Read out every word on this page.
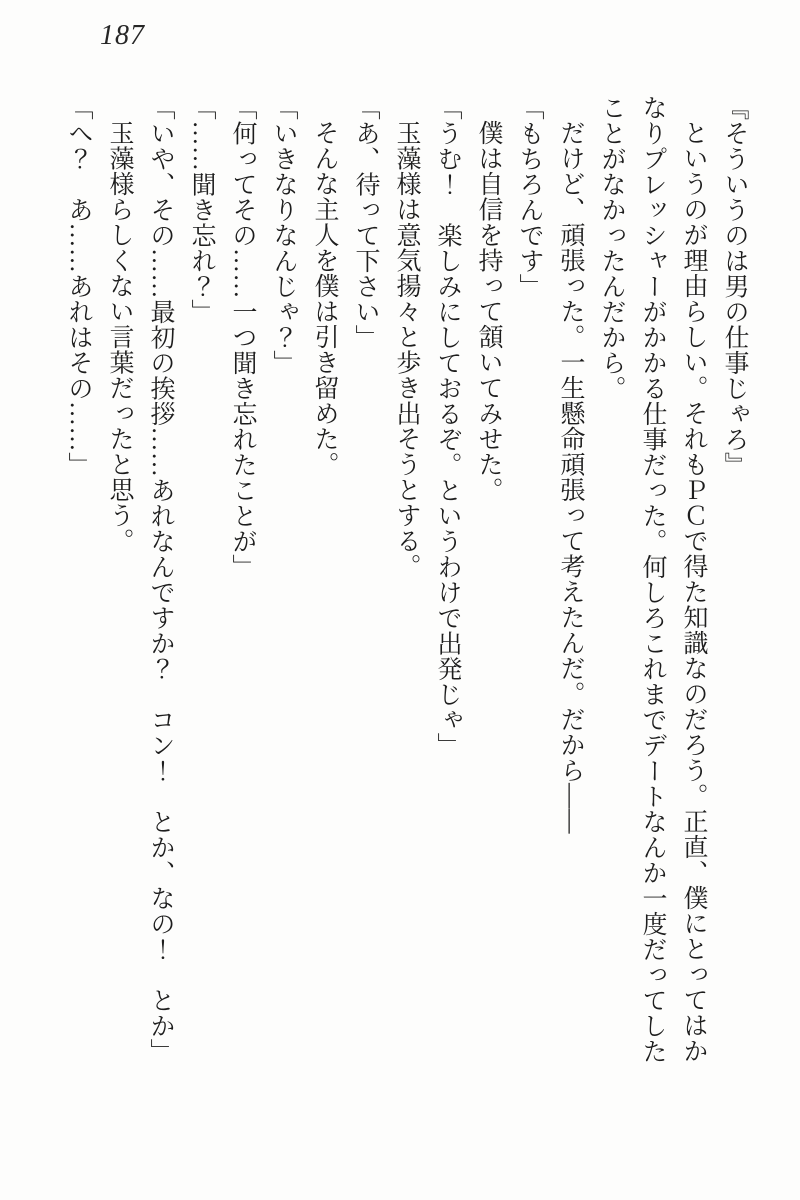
187

『そういうのは男の仕事じゃろ』

というのが理由らしい。それもＰＣで得た知識なのだろう。正直、僕にとってはか

なりプレッシャーがかかる仕事だった。何しろこれまでデートなんか一度だってした

ことがなかったんだから。

だけど、頑張った。一生懸命頑張って考えたんだ。だから――

「もちろんです」

僕は自信を持って頷いてみせた。

「うむ！　楽しみにしておるぞ。というわけで出発じゃ」

玉藻様は意気揚々と歩き出そうとする。

「あ、待って下さい」

そんな主人を僕は引き留めた。

「いきなりなんじゃ？」

「何ってその……一つ聞き忘れたことが」

「……聞き忘れ？」

「いや、その……最初の挨拶……あれなんですか？　コン！　とか、なの！　とか」

玉藻様らしくない言葉だったと思う。

「へ？　あ……あれはその……」
